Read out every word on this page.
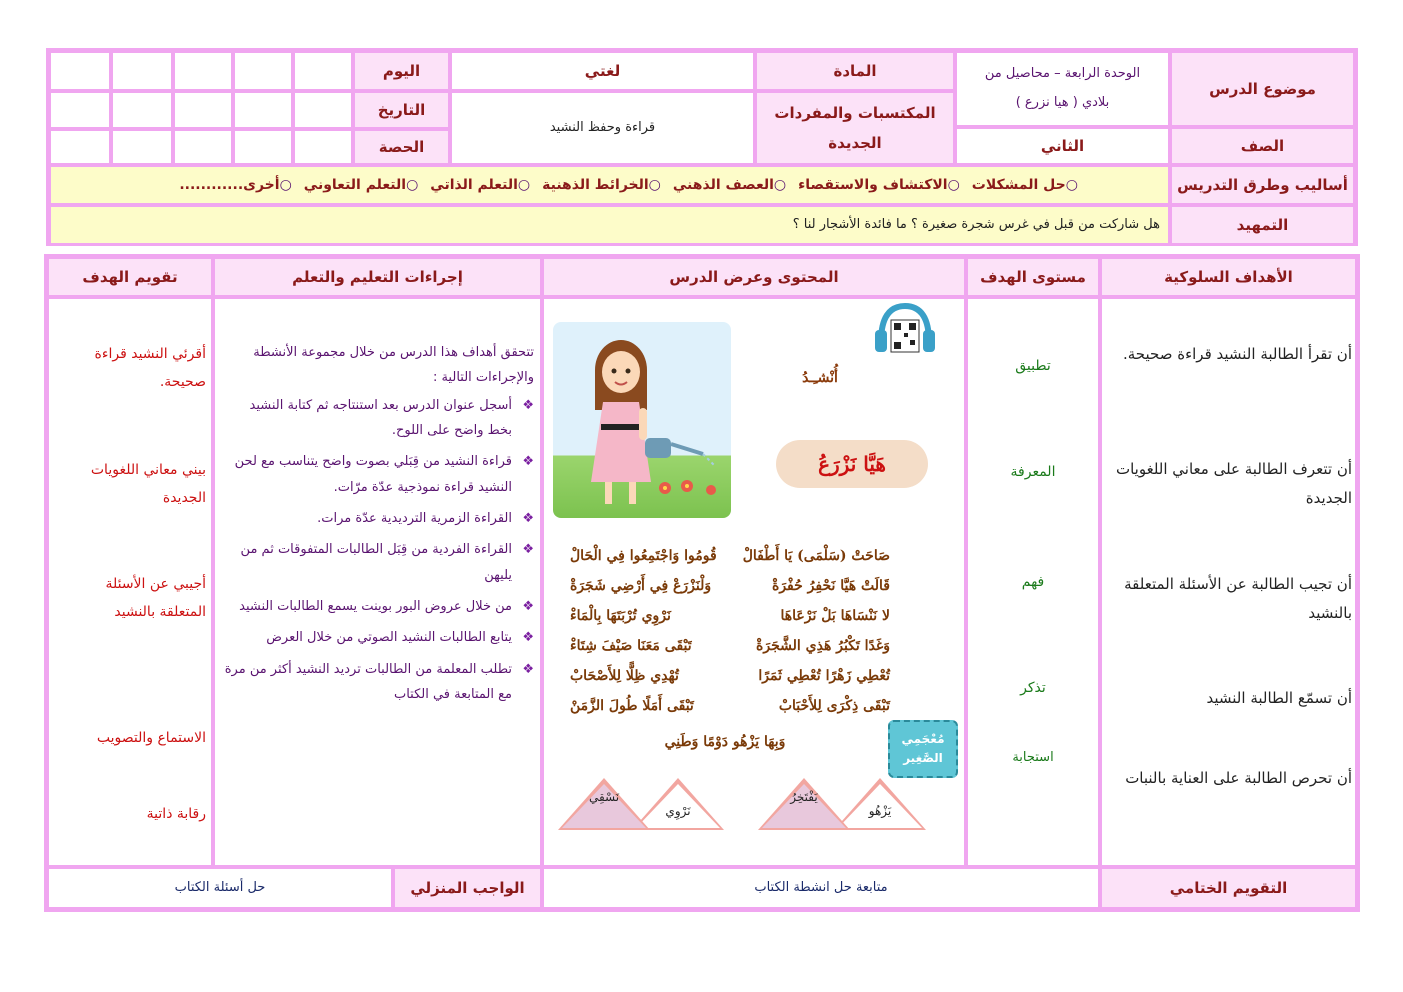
موضوع الدرس
الوحدة الرابعة – محاصيل من
بلادي ( هيا نزرع )
المادة
لغتي
اليوم
المكتسبات والمفردات
الجديدة
قراءة وحفظ النشيد
التاريخ
الصف
الثاني
الحصة
أساليب وطرق التدريس
○حل المشكلات
○الاكتشاف والاستقصاء
○العصف الذهني
○الخرائط الذهنية
○التعلم الذاتي
○التعلم التعاوني
○أخرى............
التمهيد
هل شاركت من قبل في غرس شجرة صغيرة ؟ ما فائدة الأشجار لنا ؟
الأهداف السلوكية
مستوى الهدف
المحتوى وعرض الدرس
إجراءات التعليم والتعلم
تقويم الهدف
أن تقرأ الطالبة النشيد قراءة صحيحة.
أن تتعرف الطالبة على معاني اللغويات الجديدة
أن تجيب الطالبة عن الأسئلة المتعلقة بالنشيد
أن تسمّع الطالبة النشيد
أن تحرص الطالبة على العناية بالنبات
تطبيق
المعرفة
فهم
تذكر
استجابة
أُنْشـِـدُ
هَيَّا نَزْرَعُ
صَاحَتْ (سَلْمَى) يَا أَطْفَالْ
قُومُوا وَاجْتَمِعُوا فِي الْحَالْ
قَالَتْ هَيَّا نَحْفِرُ حُفْرَةْ
وَلْنَزْرَعْ فِي أَرْضِي شَجَرَةْ
لا نَنْسَاهَا بَلْ نَرْعَاهَا
نَرْوِي تُرْبَتَهَا بِالْمَاءْ
وَغَدًا تَكْبُرُ هَذِي الشَّجَرَةْ
تَبْقَى مَعَنَا صَيْفَ شِتَاءْ
تُعْطِي زَهْرًا تُعْطِي ثَمَرًا
تُهْدِي ظِلًّا لِلأَصْحَابْ
تَبْقَى ذِكْرَى لِلأَحْبَابْ
تَبْقَى أَمَلًا طُولَ الزَّمَنْ
وَبِهَا يَزْهُو دَوْمًا وَطَنِي	مُعْجَمِي
الصَّغِير
يَزْهُو
يَفْتَخِرُ
نَرْوِي
نَسْقِي
تتحقق أهداف هذا الدرس من خلال مجموعة الأنشطة والإجراءات التالية :
❖ أسجل عنوان الدرس بعد استنتاجه ثم كتابة النشيد بخط واضح على اللوح.
❖ قراءة النشيد من قِبَلي بصوت واضح يتناسب مع لحن النشيد قراءة نموذجية عدّة مرّات.
❖ القراءة الزمرية الترديدية عدّة مرات.
❖ القراءة الفردية من قِبَل الطالبات المتفوقات ثم من يليهن
❖ من خلال عروض البور بوينت يسمع الطالبات النشيد
❖ يتابع الطالبات النشيد الصوتي من خلال العرض
❖ تطلب المعلمة من الطالبات ترديد النشيد أكثر من مرة مع المتابعة في الكتاب
أقرئي النشيد قراءة صحيحة.
بيني معاني اللغويات الجديدة
أجيبي عن الأسئلة المتعلقة بالنشيد
الاستماع والتصويب
رقابة ذاتية
التقويم الختامي
متابعة حل انشطة الكتاب
الواجب المنزلي
حل أسئلة الكتاب
